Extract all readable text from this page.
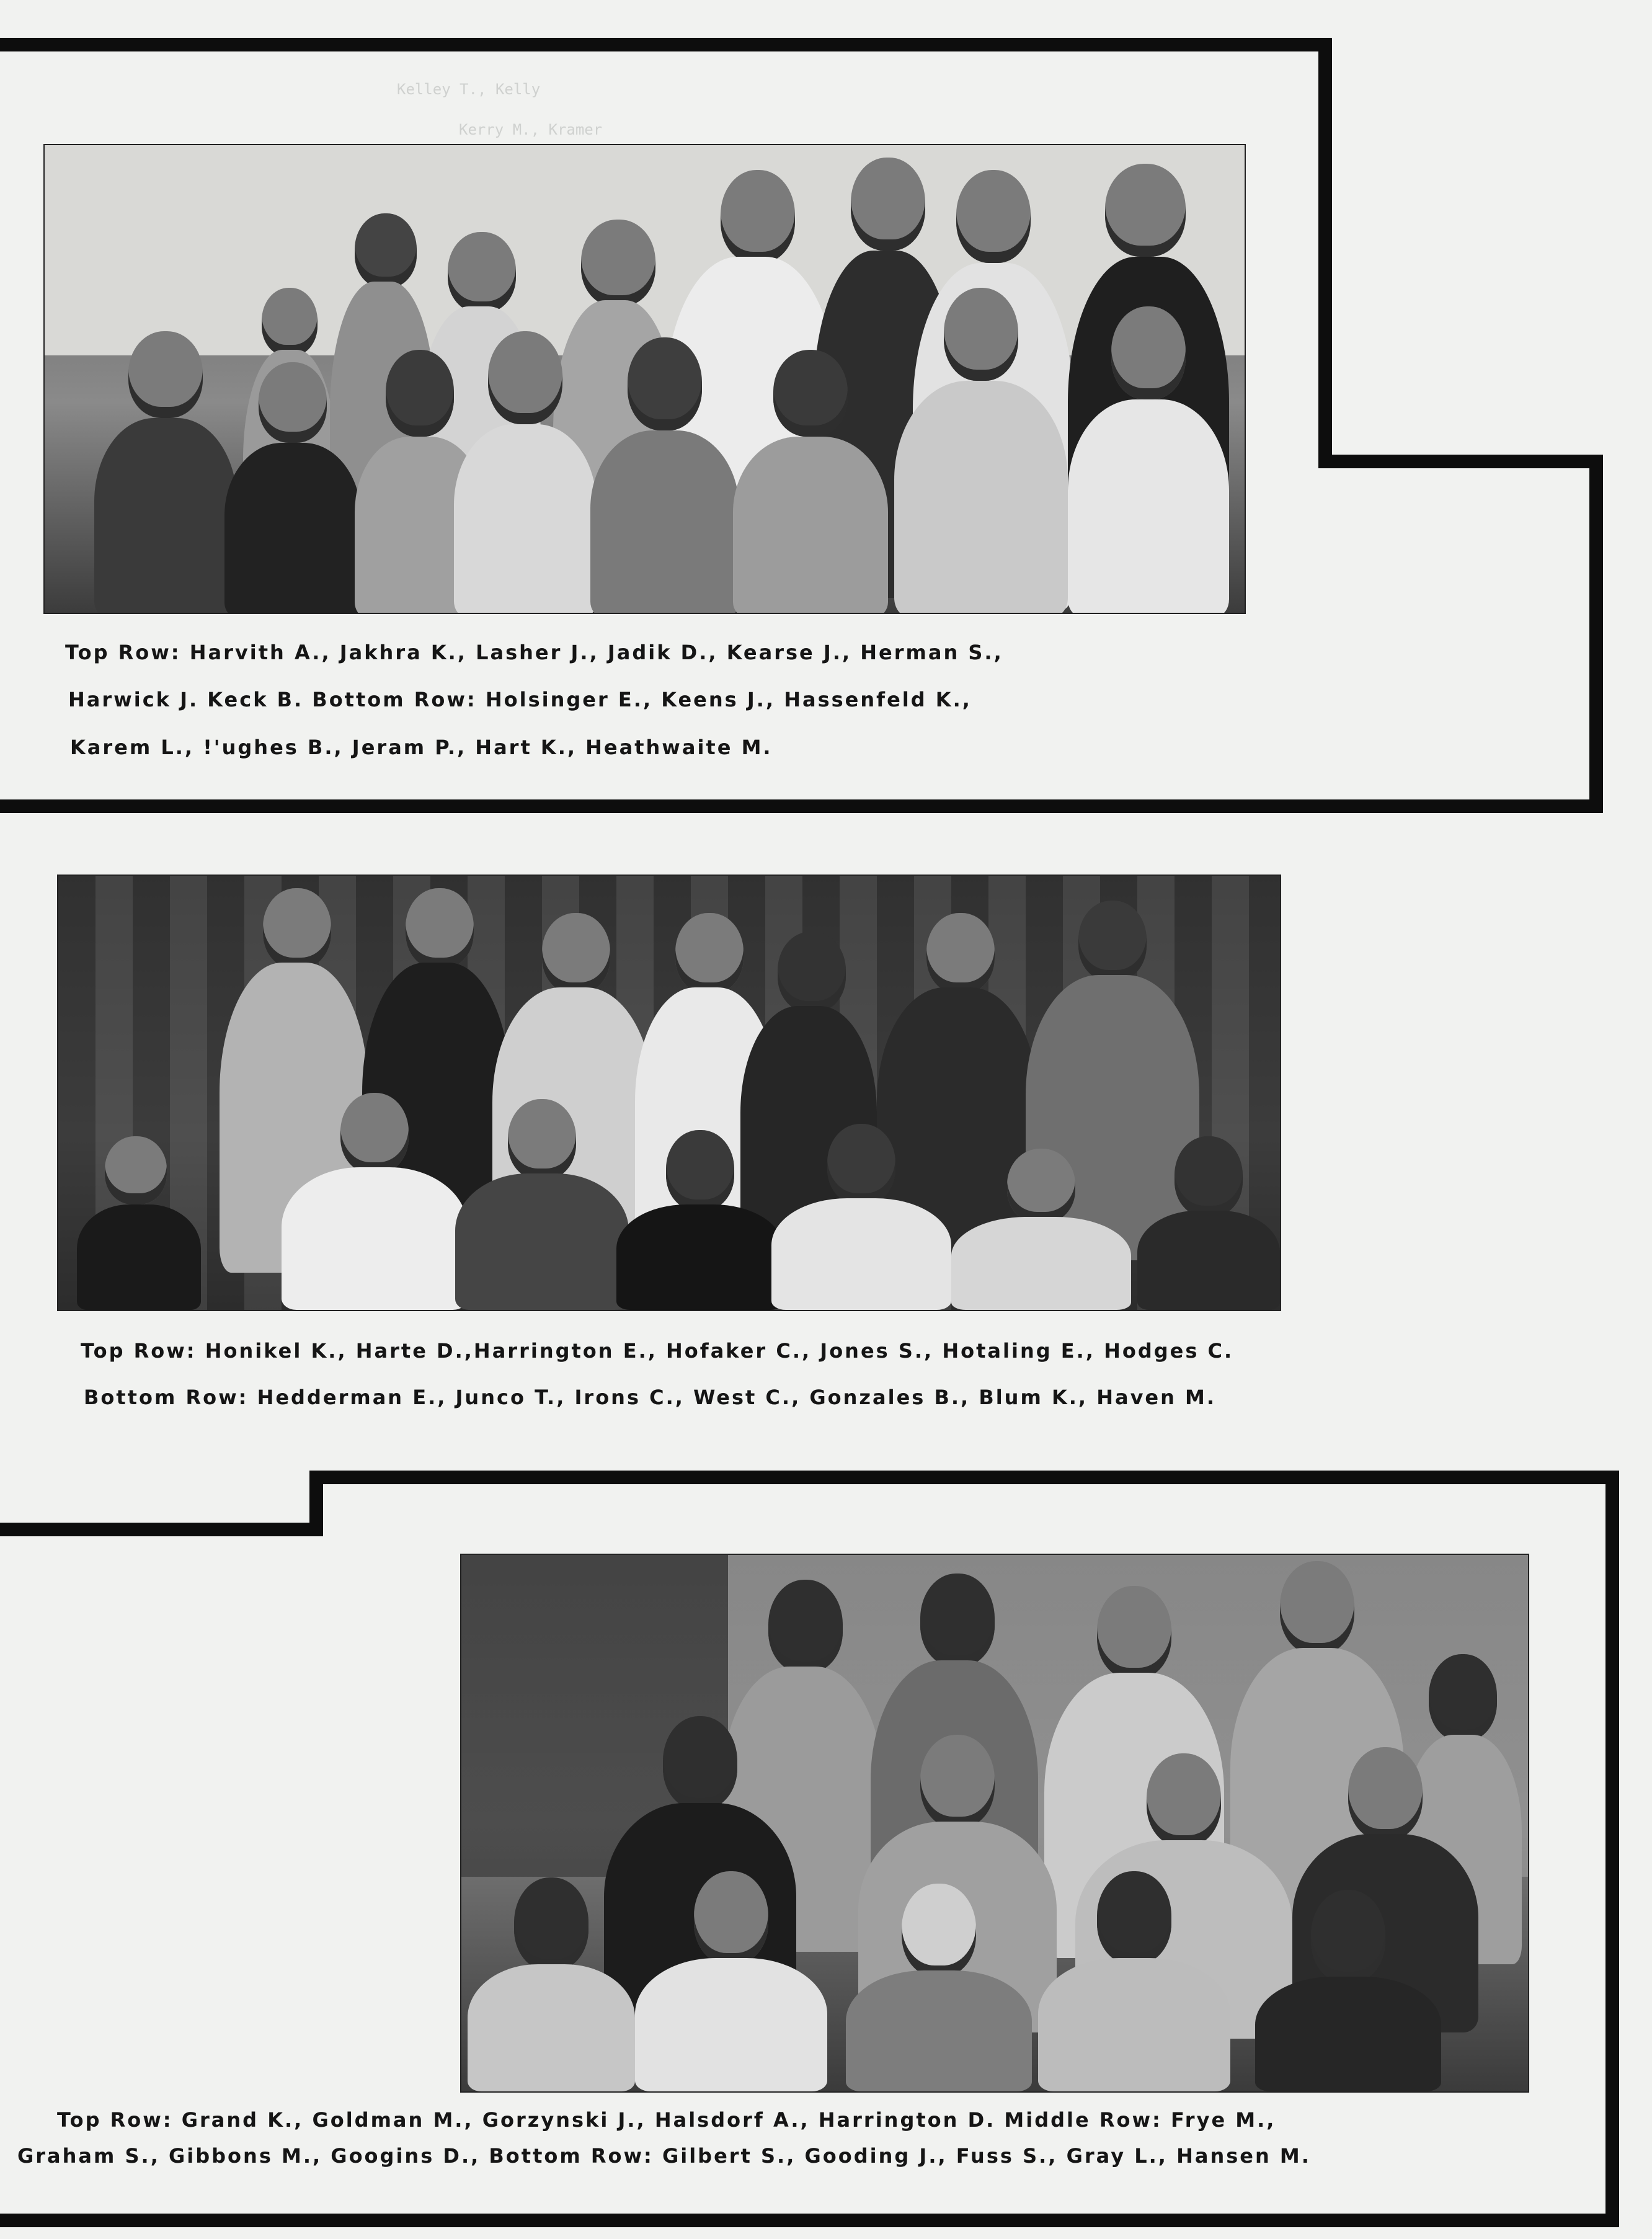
Kelley T., Kelly
Kerry M., Kramer
Top Row: Harvith A., Jakhra K., Lasher J., Jadik D., Kearse J., Herman S.,
Harwick J. Keck B. Bottom Row: Holsinger E., Keens J., Hassenfeld K.,
Karem L., !'ughes B., Jeram P., Hart K., Heathwaite M.
Top Row: Honikel K., Harte D.,Harrington E., Hofaker C., Jones S., Hotaling E., Hodges C.
Bottom Row: Hedderman E., Junco T., Irons C., West C., Gonzales B., Blum K., Haven M.
Top Row: Grand K., Goldman M., Gorzynski J., Halsdorf A., Harrington D. Middle Row: Frye M.,
Graham S., Gibbons M., Googins D., Bottom Row: Gilbert S., Gooding J., Fuss S., Gray L., Hansen M.
